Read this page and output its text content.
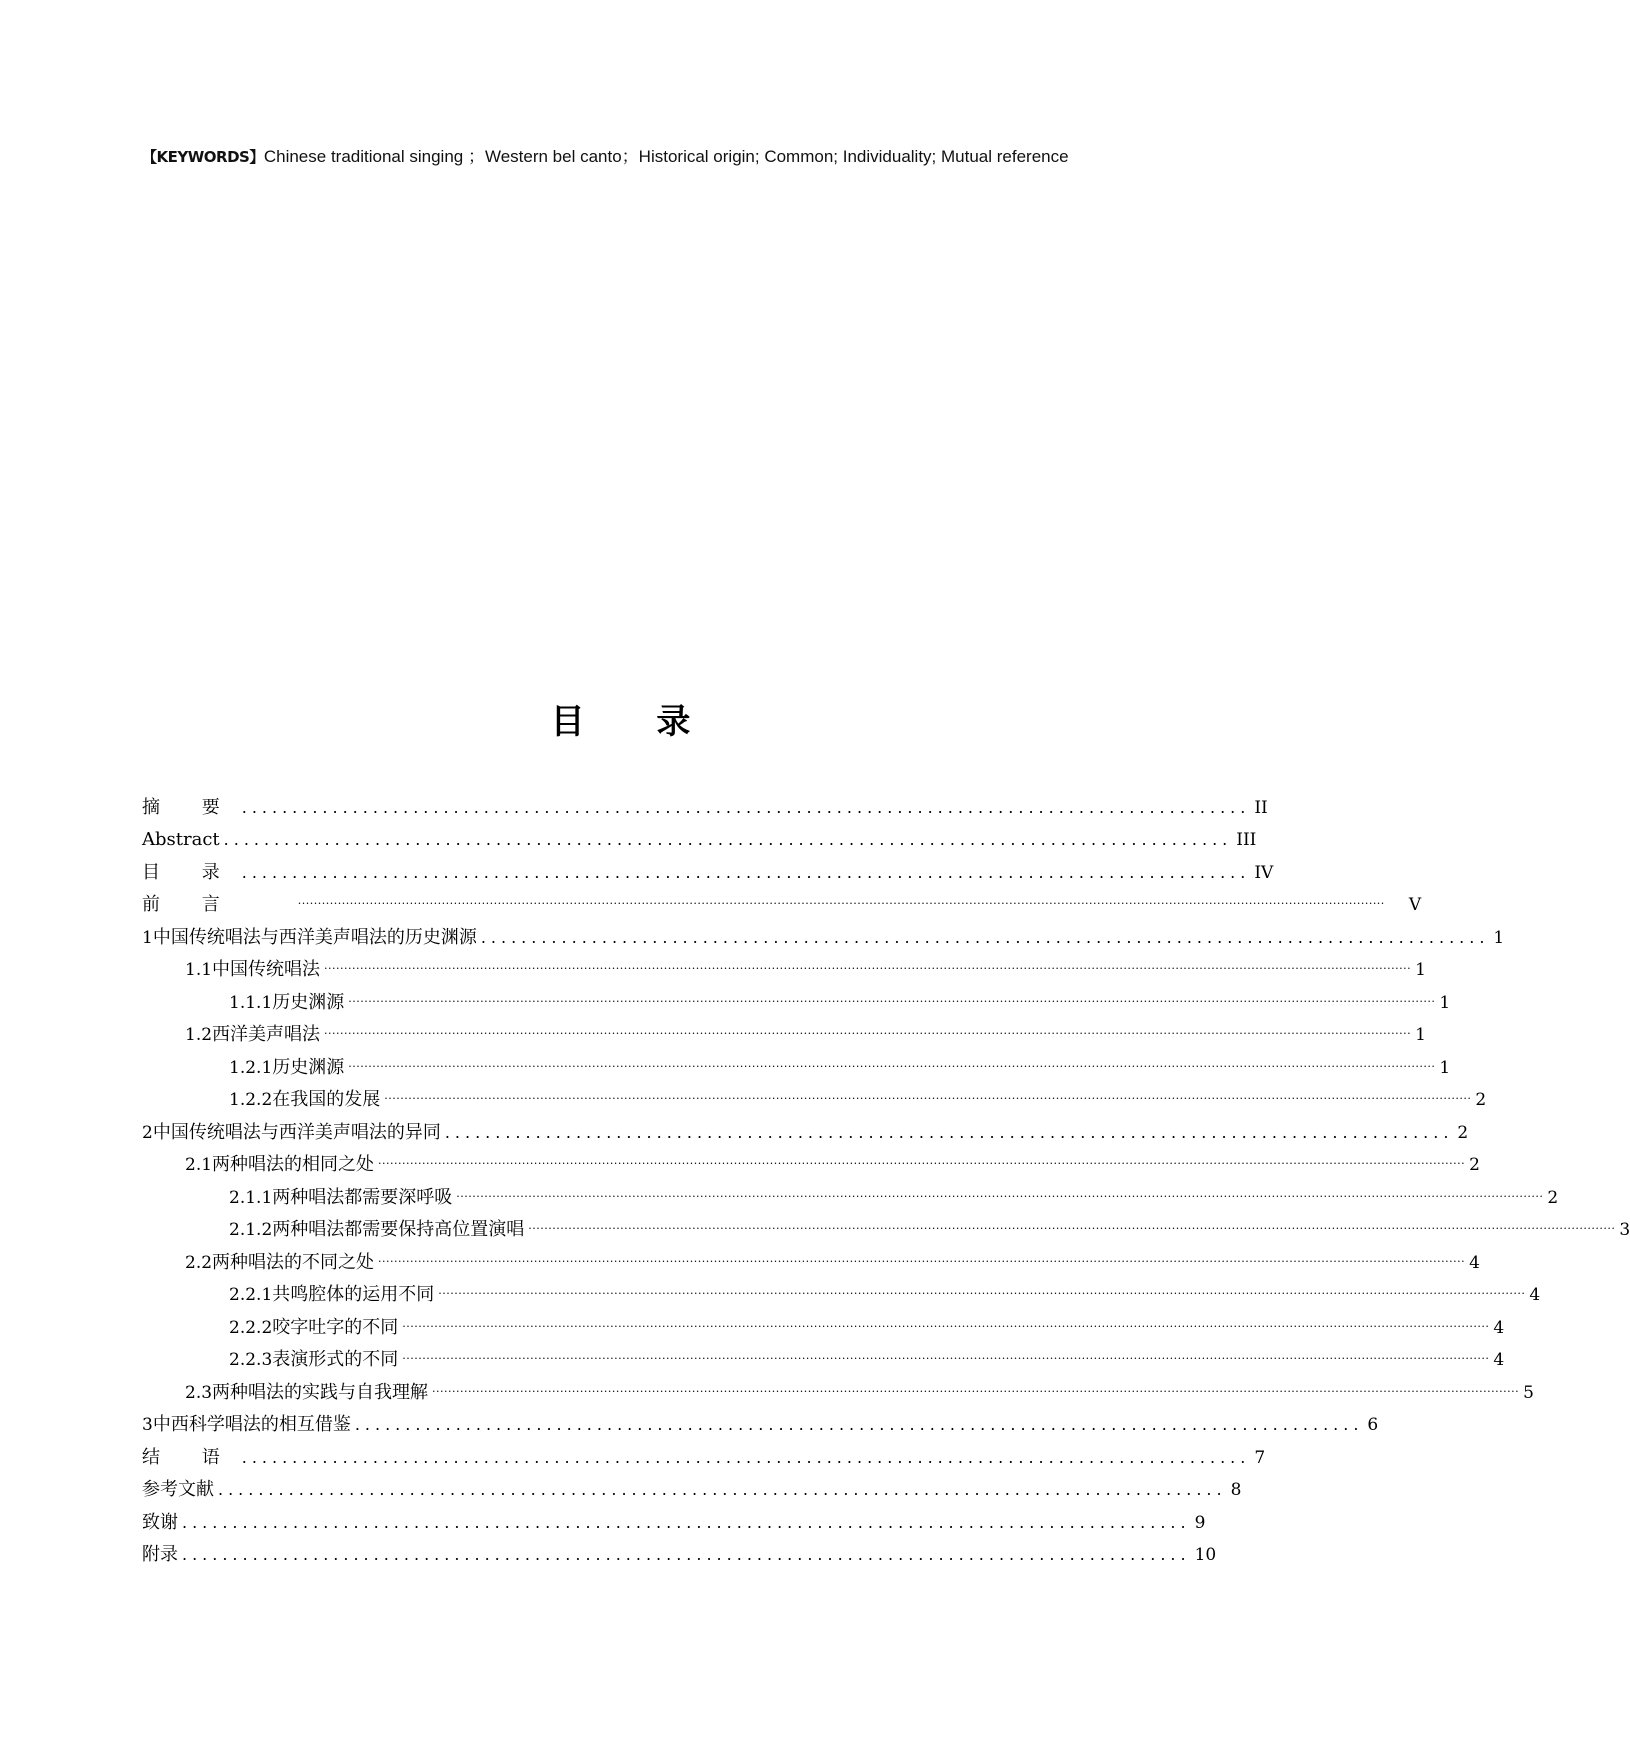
【KEYWORDS】Chinese traditional singing ；Western bel canto；Historical origin; Common; Individuality; Mutual reference
目 录
摘 要 .................................................................................................... II
Abstract .................................................................................................... III
目 录 .................................................................................................... IV
前 言	................................................................................................................................................................................................................................................................................ V
1 中国传统唱法与西洋美声唱法的历史渊源 .................................................................................................... 1
1.1 中国传统唱法 ................................................................................................................................................................................................................................................................................ 1
1.1.1 历史渊源 ................................................................................................................................................................................................................................................................................ 1
1.2 西洋美声唱法 ................................................................................................................................................................................................................................................................................ 1
1.2.1 历史渊源 ................................................................................................................................................................................................................................................................................ 1
1.2.2 在我国的发展 ................................................................................................................................................................................................................................................................................ 2
2 中国传统唱法与西洋美声唱法的异同 .................................................................................................... 2
2.1 两种唱法的相同之处 ................................................................................................................................................................................................................................................................................ 2
2.1.1 两种唱法都需要深呼吸 ................................................................................................................................................................................................................................................................................ 2
2.1.2 两种唱法都需要保持高位置演唱 ................................................................................................................................................................................................................................................................................ 3
2.2 两种唱法的不同之处 ................................................................................................................................................................................................................................................................................ 4
2.2.1 共鸣腔体的运用不同 ................................................................................................................................................................................................................................................................................ 4
2.2.2 咬字吐字的不同 ................................................................................................................................................................................................................................................................................ 4
2.2.3 表演形式的不同 ................................................................................................................................................................................................................................................................................ 4
2.3 两种唱法的实践与自我理解 ................................................................................................................................................................................................................................................................................ 5
3 中西科学唱法的相互借鉴 .................................................................................................... 6
结 语 .................................................................................................... 7
参考文献 .................................................................................................... 8
致谢 .................................................................................................... 9
附录 .................................................................................................... 10
